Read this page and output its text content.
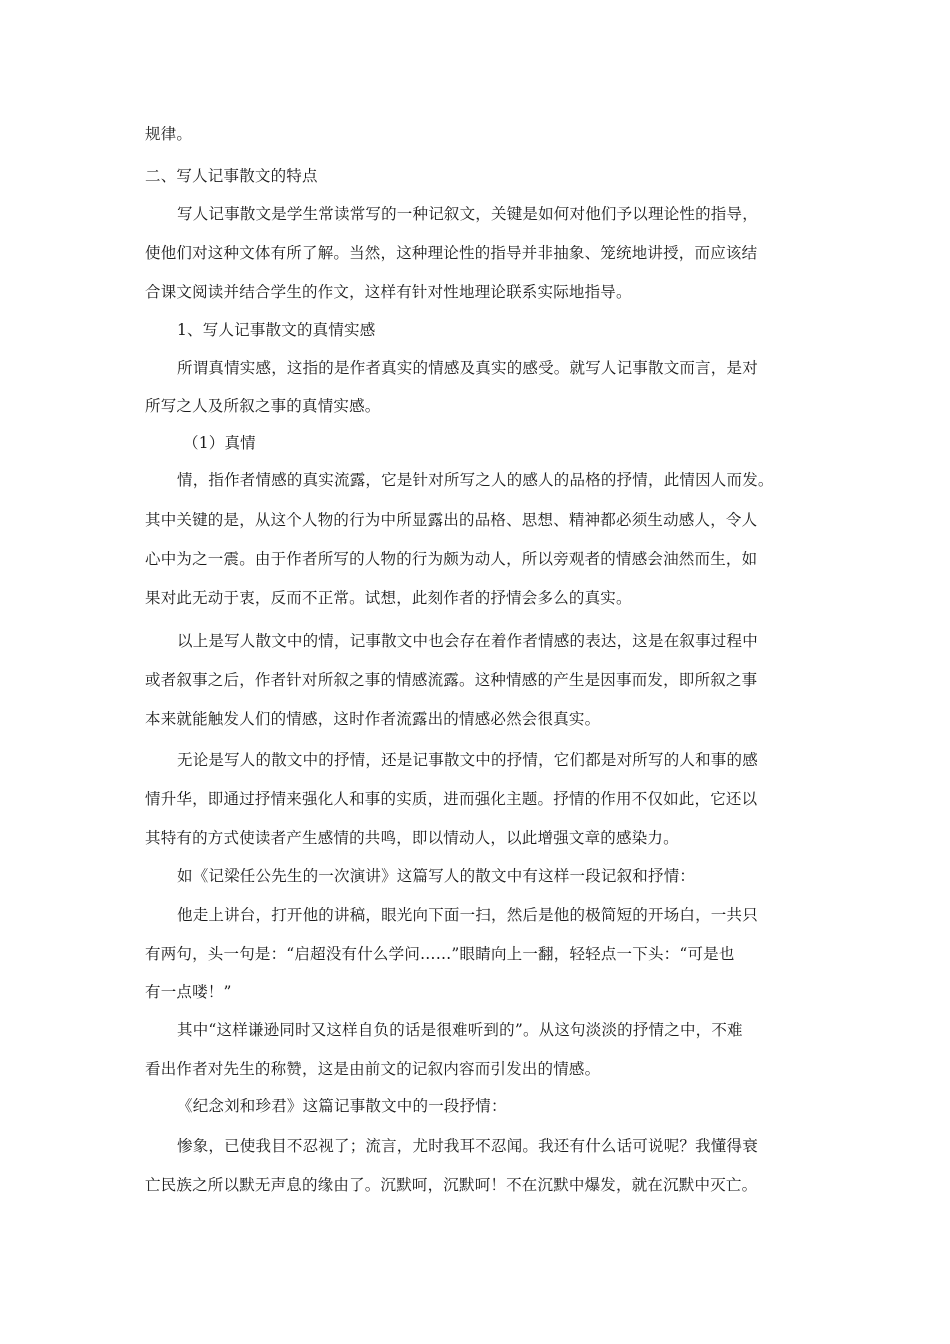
规律。
二、写人记事散文的特点
写人记事散文是学生常读常写的一种记叙文，关键是如何对他们予以理论性的指导，
使他们对这种文体有所了解。当然，这种理论性的指导并非抽象、笼统地讲授，而应该结
合课文阅读并结合学生的作文，这样有针对性地理论联系实际地指导。
1、写人记事散文的真情实感
所谓真情实感，这指的是作者真实的情感及真实的感受。就写人记事散文而言，是对
所写之人及所叙之事的真情实感。
（1）真情
情，指作者情感的真实流露，它是针对所写之人的感人的品格的抒情，此情因人而发。
其中关键的是，从这个人物的行为中所显露出的品格、思想、精神都必须生动感人，令人
心中为之一震。由于作者所写的人物的行为颇为动人，所以旁观者的情感会油然而生，如
果对此无动于衷，反而不正常。试想，此刻作者的抒情会多么的真实。
以上是写人散文中的情，记事散文中也会存在着作者情感的表达，这是在叙事过程中
或者叙事之后，作者针对所叙之事的情感流露。这种情感的产生是因事而发，即所叙之事
本来就能触发人们的情感，这时作者流露出的情感必然会很真实。
无论是写人的散文中的抒情，还是记事散文中的抒情，它们都是对所写的人和事的感
情升华，即通过抒情来强化人和事的实质，进而强化主题。抒情的作用不仅如此，它还以
其特有的方式使读者产生感情的共鸣，即以情动人，以此增强文章的感染力。
如《记梁任公先生的一次演讲》这篇写人的散文中有这样一段记叙和抒情：
他走上讲台，打开他的讲稿，眼光向下面一扫，然后是他的极简短的开场白，一共只
有两句，头一句是：“启超没有什么学问……”眼睛向上一翻，轻轻点一下头：“可是也
有一点喽！”
其中“这样谦逊同时又这样自负的话是很难听到的”。从这句淡淡的抒情之中，不难
看出作者对先生的称赞，这是由前文的记叙内容而引发出的情感。
《纪念刘和珍君》这篇记事散文中的一段抒情：
惨象，已使我目不忍视了；流言，尤时我耳不忍闻。我还有什么话可说呢？我懂得衰
亡民族之所以默无声息的缘由了。沉默呵，沉默呵！不在沉默中爆发，就在沉默中灭亡。
